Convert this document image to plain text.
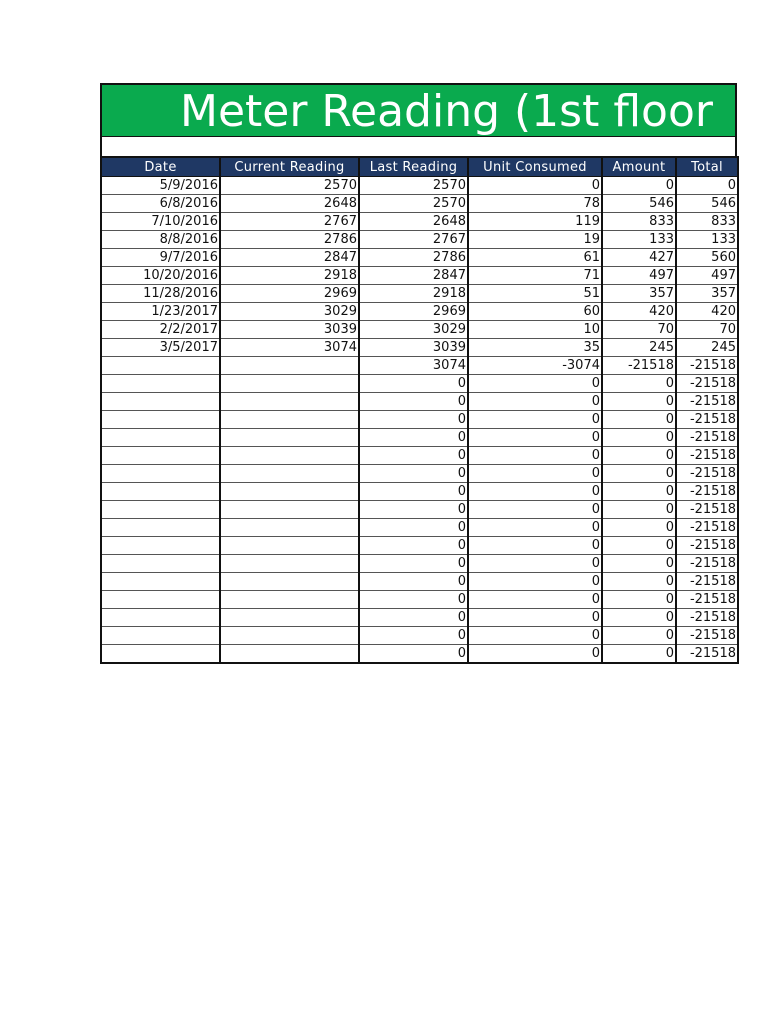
Meter Reading (1st floor
Date	Current Reading	Last Reading	Unit Consumed	Amount	Total
5/9/2016	2570	2570	0	0	0
6/8/2016	2648	2570	78	546	546
7/10/2016	2767	2648	119	833	833
8/8/2016	2786	2767	19	133	133
9/7/2016	2847	2786	61	427	560
10/20/2016	2918	2847	71	497	497
11/28/2016	2969	2918	51	357	357
1/23/2017	3029	2969	60	420	420
2/2/2017	3039	3029	10	70	70
3/5/2017	3074	3039	35	245	245
		3074	-3074	-21518	-21518
		0	0	0	-21518
		0	0	0	-21518
		0	0	0	-21518
		0	0	0	-21518
		0	0	0	-21518
		0	0	0	-21518
		0	0	0	-21518
		0	0	0	-21518
		0	0	0	-21518
		0	0	0	-21518
		0	0	0	-21518
		0	0	0	-21518
		0	0	0	-21518
		0	0	0	-21518
		0	0	0	-21518
		0	0	0	-21518
